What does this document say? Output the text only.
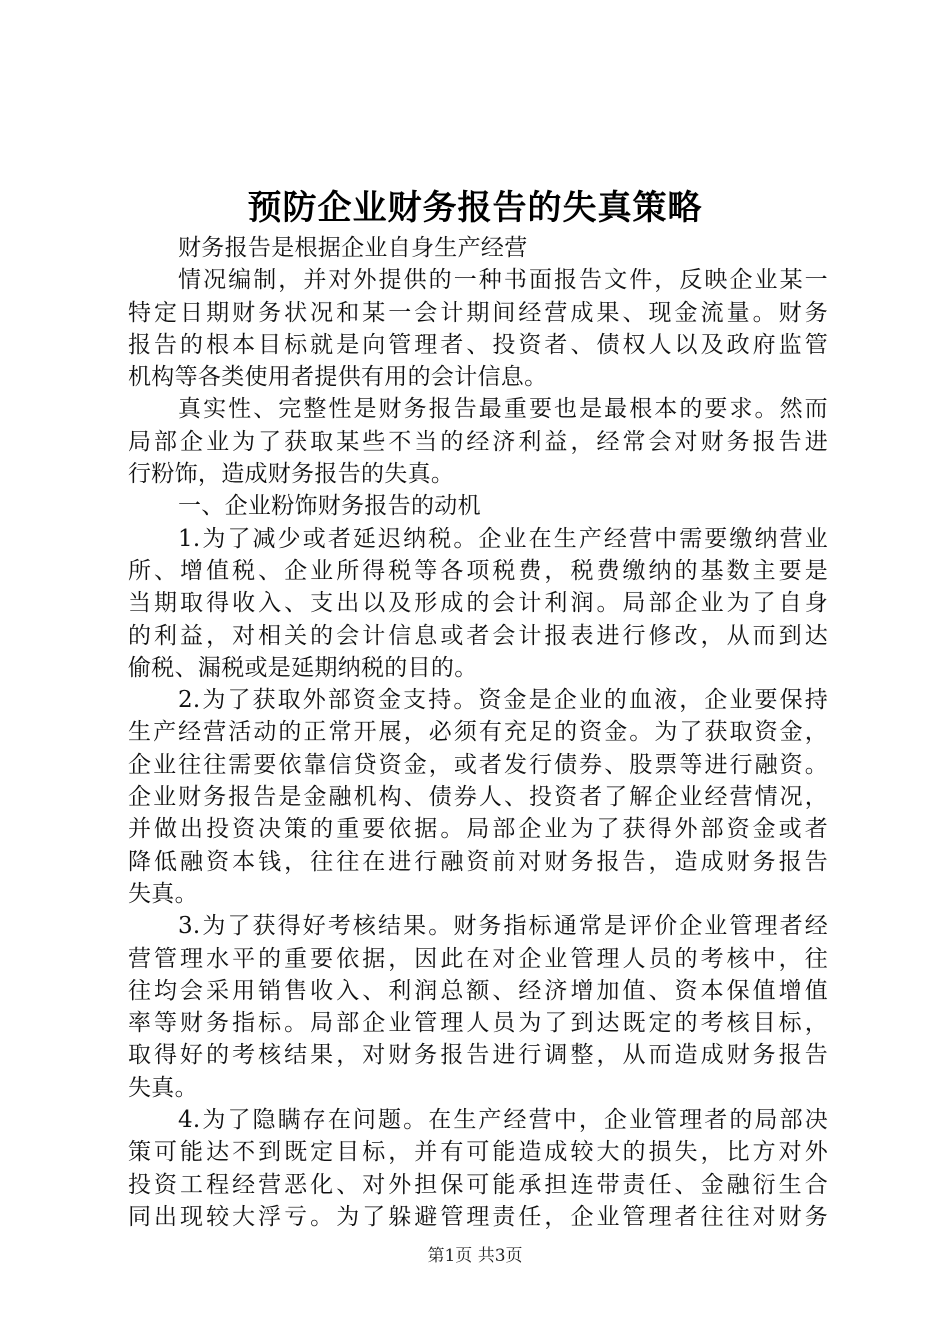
预防企业财务报告的失真策略
财务报告是根据企业自身生产经营
情况编制，并对外提供的一种书面报告文件，反映企业某一
特定日期财务状况和某一会计期间经营成果、现金流量。财务
报告的根本目标就是向管理者、投资者、债权人以及政府监管
机构等各类使用者提供有用的会计信息。
真实性、完整性是财务报告最重要也是最根本的要求。然而
局部企业为了获取某些不当的经济利益，经常会对财务报告进
行粉饰，造成财务报告的失真。
一、企业粉饰财务报告的动机
1.为了减少或者延迟纳税。企业在生产经营中需要缴纳营业
所、增值税、企业所得税等各项税费，税费缴纳的基数主要是
当期取得收入、支出以及形成的会计利润。局部企业为了自身
的利益，对相关的会计信息或者会计报表进行修改，从而到达
偷税、漏税或是延期纳税的目的。
2.为了获取外部资金支持。资金是企业的血液，企业要保持
生产经营活动的正常开展，必须有充足的资金。为了获取资金，
企业往往需要依靠信贷资金，或者发行债券、股票等进行融资。
企业财务报告是金融机构、债券人、投资者了解企业经营情况，
并做出投资决策的重要依据。局部企业为了获得外部资金或者
降低融资本钱，往往在进行融资前对财务报告，造成财务报告
失真。
3.为了获得好考核结果。财务指标通常是评价企业管理者经
营管理水平的重要依据，因此在对企业管理人员的考核中，往
往均会采用销售收入、利润总额、经济增加值、资本保值增值
率等财务指标。局部企业管理人员为了到达既定的考核目标，
取得好的考核结果，对财务报告进行调整，从而造成财务报告
失真。
4.为了隐瞒存在问题。在生产经营中，企业管理者的局部决
策可能达不到既定目标，并有可能造成较大的损失，比方对外
投资工程经营恶化、对外担保可能承担连带责任、金融衍生合
同出现较大浮亏。为了躲避管理责任，企业管理者往往对财务
第1页 共3页
